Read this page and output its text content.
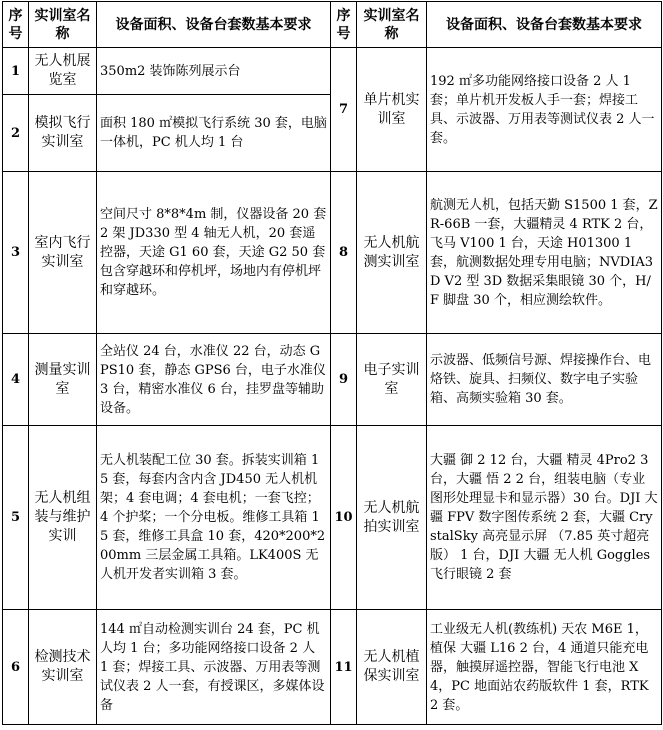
序号	实训室名称	设备面积、设备台套数基本要求	序号	实训室名称	设备面积、设备台套数基本要求
1	无人机展览室	350m2 装饰陈列展示台	7	单片机实训室	192 ㎡多功能网络接口设备 2 人 1 套；单片机开发板人手一套；焊接工具、示波器、万用表等测试仪表 2 人一套。
2	模拟飞行实训室	面积 180 ㎡模拟飞行系统 30 套，电脑一体机，PC 机人均 1 台			
3	室内飞行实训室	空间尺寸 8*8*4m 制，仪器设备 20 套 2 架 JD330 型 4 轴无人机，20 套遥控器，天途 G1 60 套，天途 G2 50 套包含穿越环和停机坪，场地内有停机坪和穿越环。	8	无人机航测实训室	航测无人机，包括天勤 S1500 1 套，ZR-66B 一套，大疆精灵 4 RTK 2 台，飞马 V100 1 台，天途 H01300 1 套，航测数据处理专用电脑；NVDIA3D V2 型 3D 数据采集眼镜 30 个，H/F 脚盘 30 个，相应测绘软件。
4	测量实训室	全站仪 24 台，水准仪 22 台，动态 GPS10 套，静态 GPS6 台，电子水准仪 3 台，精密水准仪 6 台，挂罗盘等辅助设备。	9	电子实训室	示波器、低频信号源、焊接操作台、电烙铁、旋具、扫频仪、数字电子实验箱、高频实验箱 30 套。
5	无人机组装与维护实训	无人机装配工位 30 套。拆装实训箱 15 套，每套内含内含 JD450 无人机机架；4 套电调；4 套电机；一套飞控；4 个护桨；一个分电板。维修工具箱 15 套，维修工具盒 10 套，420*200*200mm 三层金属工具箱。LK400S 无人机开发者实训箱 3 套。	10	无人机航拍实训室	大疆 御 2 12 台，大疆 精灵 4Pro2 3 台，大疆 悟 2 2 台，组装电脑（专业图形处理显卡和显示器）30 台。DJI 大疆 FPV 数字图传系统 2 套，大疆 CrystalSky 高亮显示屏 （7.85 英寸超亮版） 1 台，DJI 大疆 无人机 Goggles 飞行眼镜 2 套
6	检测技术实训室	144 ㎡自动检测实训台 24 套，PC 机人均 1 台；多功能网络接口设备 2 人 1 套；焊接工具、示波器、万用表等测试仪表 2 人一套，有授课区，多媒体设备	11	无人机植保实训室	工业级无人机(教练机) 天农 M6E 1，植保 大疆 L16 2 台，4 通道只能充电器，触摸屏遥控器，智能飞行电池 X4，PC 地面站农药版软件 1 套，RTK 2 套。
